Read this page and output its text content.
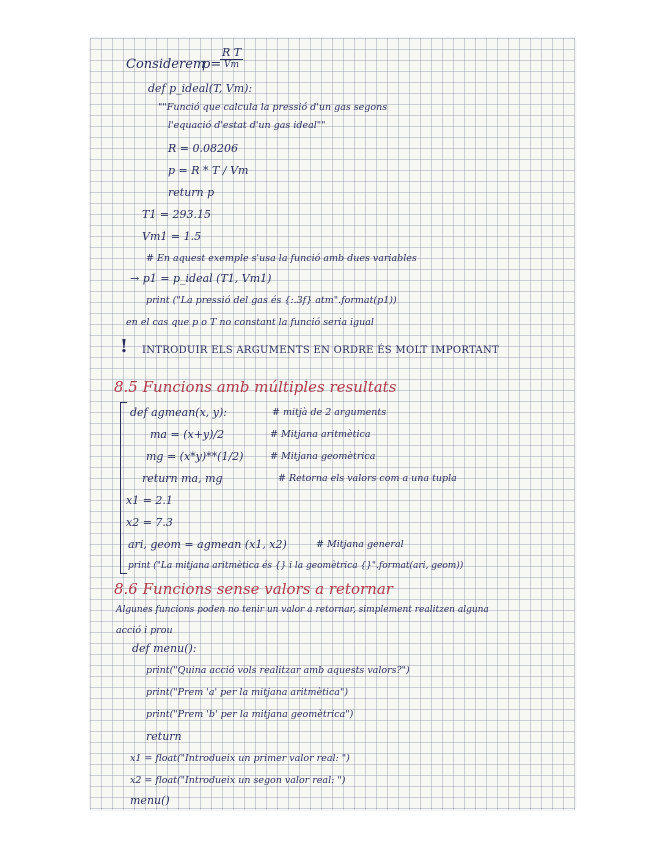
Considerem
p=
R T
Vm
def p_ideal(T, Vm):
""Funció que calcula la pressió d'un gas segons
l'equació d'estat d'un gas ideal""
R = 0.08206
p = R * T / Vm
return p
T1 = 293.15
Vm1 = 1.5
# En aquest exemple s'usa la funció amb dues variables
→ p1 = p_ideal (T1, Vm1)
print ("La pressió del gas és {:.3f} atm".format(p1))
en el cas que p o T no constant la funció seria igual
! INTRODUIR ELS ARGUMENTS EN ORDRE ÉS MOLT IMPORTANT
8.5 Funcions amb múltiples resultats
def agmean(x, y):	# mitjà de 2 arguments
ma = (x+y)/2	# Mitjana aritmètica
mg = (x*y)**(1/2)	# Mitjana geomètrica
return ma, mg	# Retorna els valors com a una tupla
x1 = 2.1
x2 = 7.3
ari, geom = agmean (x1, x2)	# Mitjana general
print ("La mitjana aritmètica és {} i la geomètrica {}".format(ari, geom))
8.6 Funcions sense valors a retornar
Algunes funcions poden no tenir un valor a retornar, simplement realitzen alguna
acció i prou
def menu():
print("Quina acció vols realitzar amb aquests valors?")
print("Prem 'a' per la mitjana aritmètica")
print("Prem 'b' per la mitjana geomètrica")
return
x1 = float("Introdueix un primer valor real: ")
x2 = float("Introdueix un segon valor real: ")
menu()
